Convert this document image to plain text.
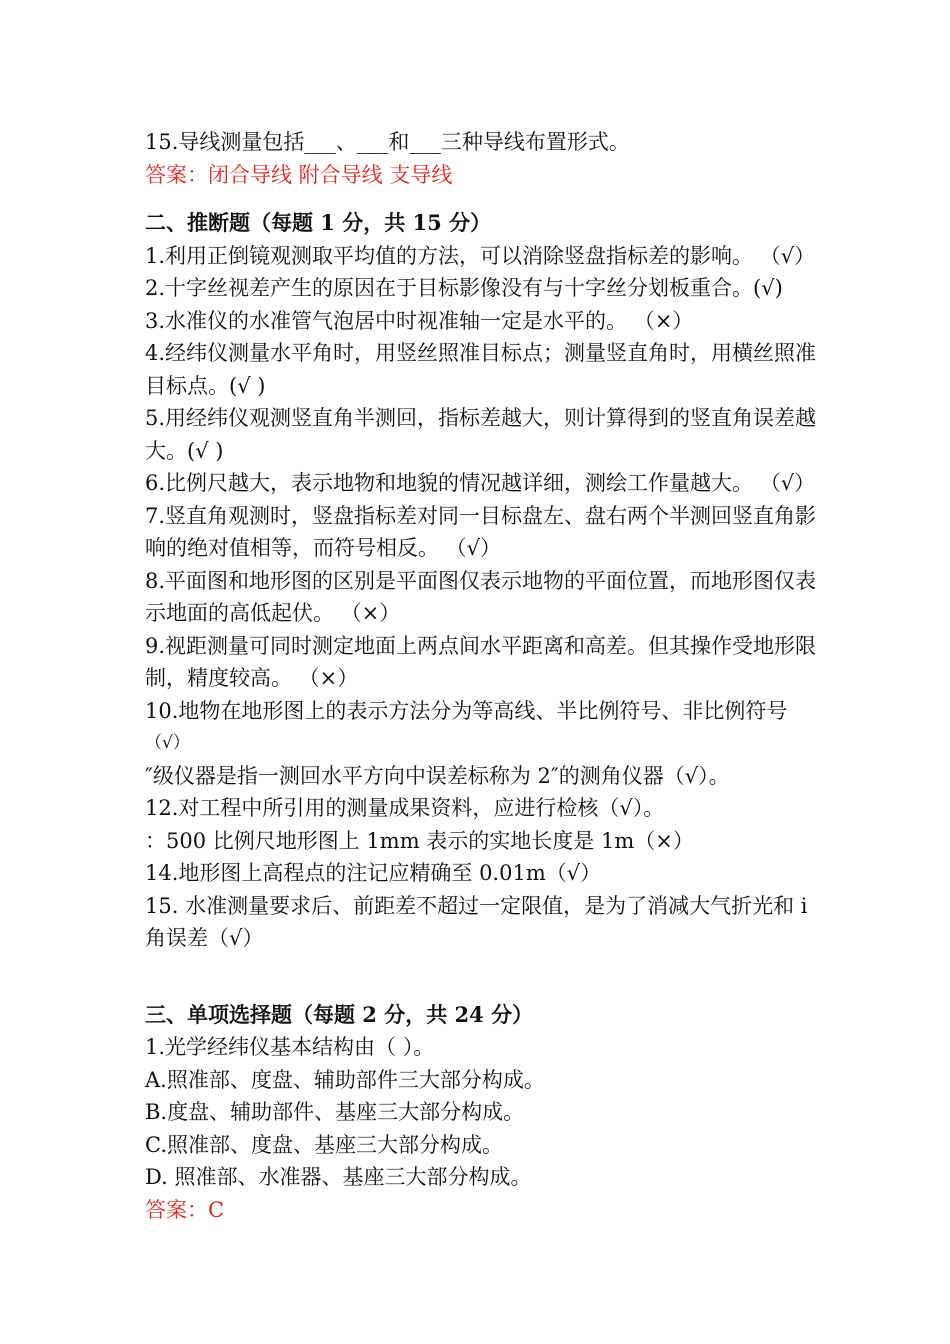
15.导线测量包括___、___和___三种导线布置形式。

答案：闭合导线 附合导线 支导线

二、推断题（每题 1 分，共 15 分）

1.利用正倒镜观测取平均值的方法，可以消除竖盘指标差的影响。 （√）

2.十字丝视差产生的原因在于目标影像没有与十字丝分划板重合。(√)

3.水准仪的水准管气泡居中时视准轴一定是水平的。 （×）

4.经纬仪测量水平角时，用竖丝照准目标点；测量竖直角时，用横丝照准

目标点。(√ )

5.用经纬仪观测竖直角半测回，指标差越大，则计算得到的竖直角误差越

大。(√ )

6.比例尺越大，表示地物和地貌的情况越详细，测绘工作量越大。 （√）

7.竖直角观测时，竖盘指标差对同一目标盘左、盘右两个半测回竖直角影

响的绝对值相等，而符号相反。 （√）

8.平面图和地形图的区别是平面图仅表示地物的平面位置，而地形图仅表

示地面的高低起伏。 （×）

9.视距测量可同时测定地面上两点间水平距离和高差。但其操作受地形限

制，精度较高。 （×）

10.地物在地形图上的表示方法分为等高线、半比例符号、非比例符号

（√）

″级仪器是指一测回水平方向中误差标称为 2″的测角仪器（√）。

12.对工程中所引用的测量成果资料，应进行检核（√）。

：500 比例尺地形图上 1mm 表示的实地长度是 1m（×）

14.地形图上高程点的注记应精确至 0.01m（√）

15. 水准测量要求后、前距差不超过一定限值，是为了消减大气折光和 i

角误差（√）

三、单项选择题（每题 2 分，共 24 分）

1.光学经纬仪基本结构由（ ）。

A.照准部、度盘、辅助部件三大部分构成。

B.度盘、辅助部件、基座三大部分构成。

C.照准部、度盘、基座三大部分构成。

D. 照准部、水准器、基座三大部分构成。

答案：C
